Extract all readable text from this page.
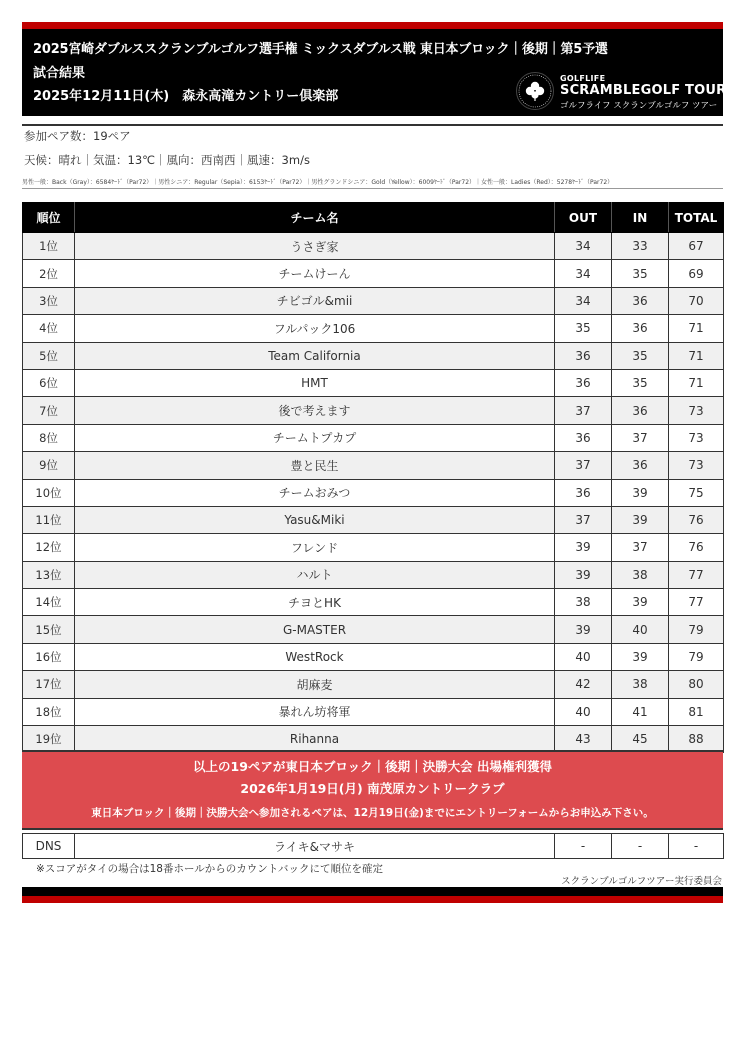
2025宮崎ダブルススクランブルゴルフ選手権 ミックスダブルス戦 東日本ブロック｜後期｜第5予選
試合結果
2025年12月11日(木)　森永高滝カントリー倶楽部
GOLFLIFE
SCRAMBLEGOLF TOUR
ゴルフライフ スクランブルゴルフ ツアー
参加ペア数：19ペア
天候：晴れ｜気温：13℃｜風向：西南西｜風速：3m/s
男性一般：Back（Gray）：6584ﾔｰﾄﾞ（Par72）｜男性シニア：Regular（Sepia）：6153ﾔｰﾄﾞ（Par72）｜男性グランドシニア：Gold（Yellow）：6009ﾔｰﾄﾞ（Par72）｜女性一般：Ladies（Red）：5278ﾔｰﾄﾞ（Par72）
順位	チーム名	OUT	IN	TOTAL
1位	うさぎ家	34	33	67
2位	チームけーん	34	35	69
3位	チビゴル&mii	34	36	70
4位	フルパック106	35	36	71
5位	Team California	36	35	71
6位	HMT	36	35	71
7位	後で考えます	37	36	73
8位	チームトプカプ	36	37	73
9位	豊と民生	37	36	73
10位	チームおみつ	36	39	75
11位	Yasu&Miki	37	39	76
12位	フレンド	39	37	76
13位	ハルト	39	38	77
14位	チヨとHK	38	39	77
15位	G-MASTER	39	40	79
16位	WestRock	40	39	79
17位	胡麻麦	42	38	80
18位	暴れん坊将軍	40	41	81
19位	Rihanna	43	45	88
以上の19ペアが東日本ブロック｜後期｜決勝大会 出場権利獲得
2026年1月19日(月) 南茂原カントリークラブ
東日本ブロック｜後期｜決勝大会へ参加されるペアは、12月19日(金)までにエントリーフォームからお申込み下さい。
DNS	ライキ&マサキ	-	-	-
※スコアがタイの場合は18番ホールからのカウントバックにて順位を確定
スクランブルゴルフツアー実行委員会
